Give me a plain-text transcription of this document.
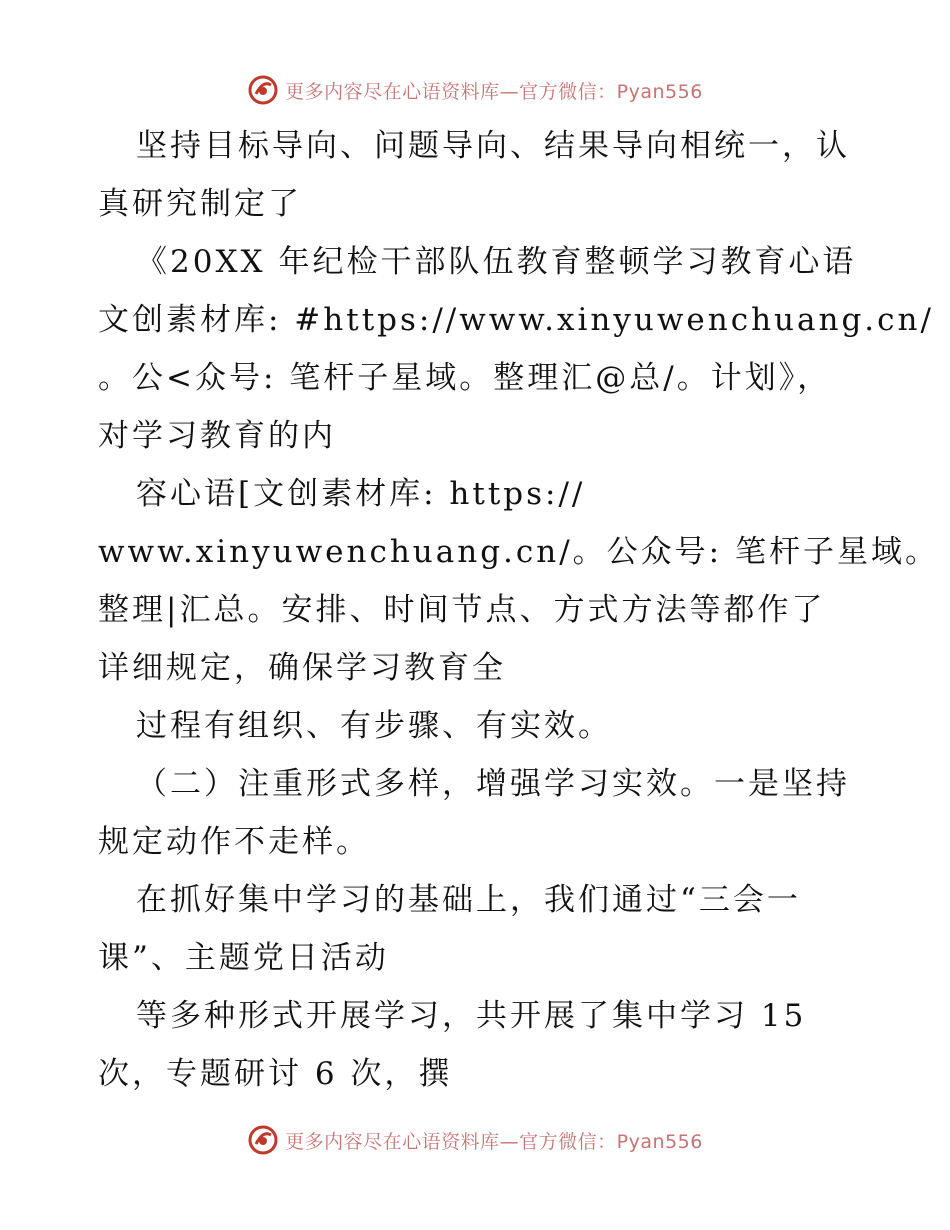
更多内容尽在心语资料库—官方微信：Pyan556
坚持目标导向、问题导向、结果导向相统一，认
真研究制定了
《20XX 年纪检干部队伍教育整顿学习教育心语
文创素材库: #https://www.xinyuwenchuang.cn/
。公<众号: 笔杆子星域。整理汇@总/。计划》，
对学习教育的内
容心语[文创素材库: https://
www.xinyuwenchuang.cn/。公众号: 笔杆子星域。
整理|汇总。安排、时间节点、方式方法等都作了
详细规定，确保学习教育全
过程有组织、有步骤、有实效。
（二）注重形式多样，增强学习实效。一是坚持
规定动作不走样。
在抓好集中学习的基础上，我们通过“三会一
课”、主题党日活动
等多种形式开展学习，共开展了集中学习 15
次，专题研讨 6 次，撰
更多内容尽在心语资料库—官方微信：Pyan556
